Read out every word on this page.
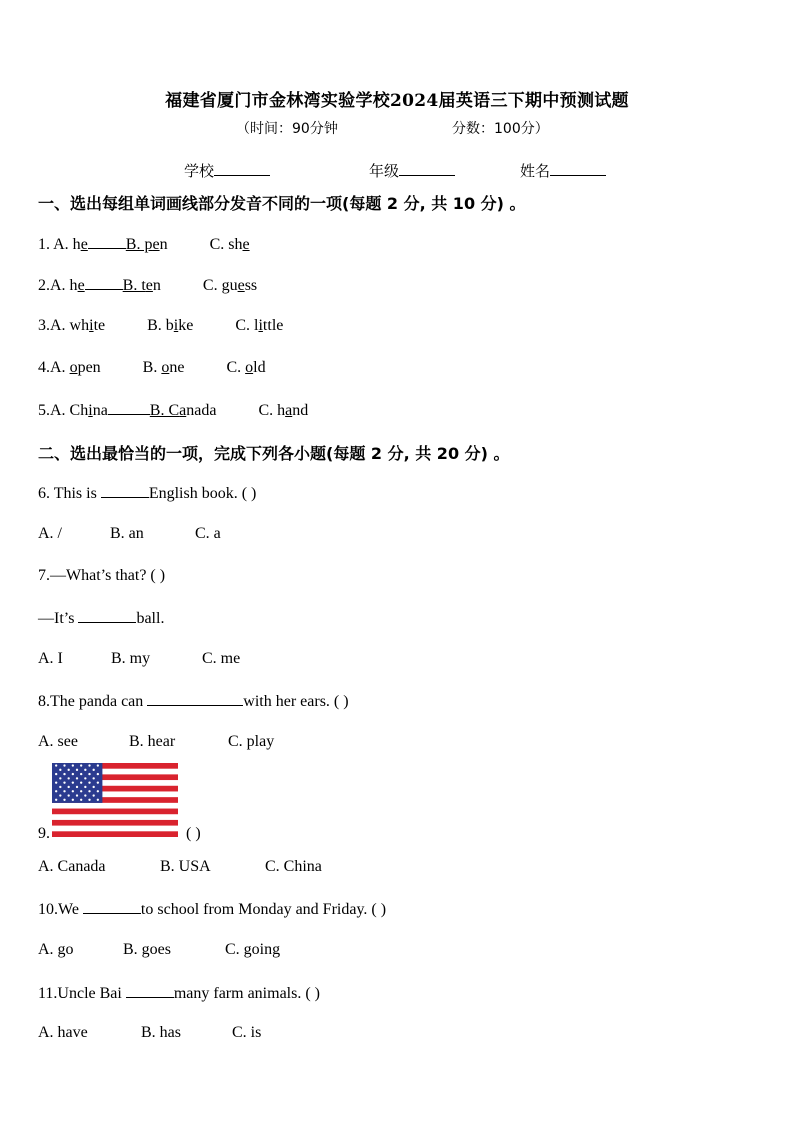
福建省厦门市金林湾实验学校2024届英语三下期中预测试题
（时间：90分钟	分数：100分）
学校	年级	姓名
一、选出每组单词画线部分发音不同的一项(每题 2 分, 共 10 分) 。
1. A. he B. pen	C. she
2.A. he B. ten	C. guess
3.A. white	B. bike	C. little
4.A. open	B. one	C. old
5.A. China	B. Canada	C. hand
二、选出最恰当的一项，完成下列各小题(每题 2 分, 共 20 分) 。
6. This is	English book. ( )
A. /	B. an	C. a
7.—What’s that? ( )
—It’s	ball.
A. I	B. my	C. me
8.The panda can	with her ears. ( )
A. see	B. hear	C. play
9.	( )
A. Canada	B. USA	C. China
10.We	to school from Monday and Friday. ( )
A. go	B. goes	C. going
11.Uncle Bai	many farm animals. ( )
A. have	B. has	C. is
